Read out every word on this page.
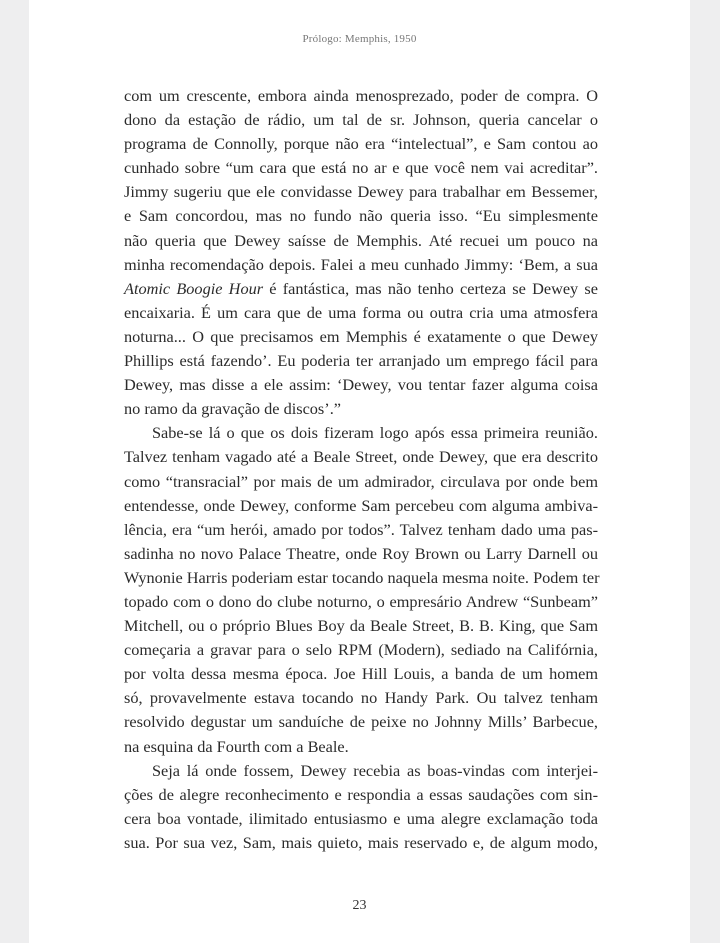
Prólogo: Memphis, 1950
com um crescente, embora ainda menosprezado, poder de compra. O
dono da estação de rádio, um tal de sr. Johnson, queria cancelar o
programa de Connolly, porque não era “intelectual”, e Sam contou ao
cunhado sobre “um cara que está no ar e que você nem vai acreditar”.
Jimmy sugeriu que ele convidasse Dewey para trabalhar em Bessemer,
e Sam concordou, mas no fundo não queria isso. “Eu simplesmente
não queria que Dewey saísse de Memphis. Até recuei um pouco na
minha recomendação depois. Falei a meu cunhado Jimmy: ‘Bem, a sua
Atomic Boogie Hour é fantástica, mas não tenho certeza se Dewey se
encaixaria. É um cara que de uma forma ou outra cria uma atmosfera
noturna... O que precisamos em Memphis é exatamente o que Dewey
Phillips está fazendo’. Eu poderia ter arranjado um emprego fácil para
Dewey, mas disse a ele assim: ‘Dewey, vou tentar fazer alguma coisa
no ramo da gravação de discos’.”
Sabe-se lá o que os dois fizeram logo após essa primeira reunião.
Talvez tenham vagado até a Beale Street, onde Dewey, que era descrito
como “transracial” por mais de um admirador, circulava por onde bem
entendesse, onde Dewey, conforme Sam percebeu com alguma ambiva-
lência, era “um herói, amado por todos”. Talvez tenham dado uma pas-
sadinha no novo Palace Theatre, onde Roy Brown ou Larry Darnell ou
Wynonie Harris poderiam estar tocando naquela mesma noite. Podem ter
topado com o dono do clube noturno, o empresário Andrew “Sunbeam”
Mitchell, ou o próprio Blues Boy da Beale Street, B. B. King, que Sam
começaria a gravar para o selo RPM (Modern), sediado na Califórnia,
por volta dessa mesma época. Joe Hill Louis, a banda de um homem
só, provavelmente estava tocando no Handy Park. Ou talvez tenham
resolvido degustar um sanduíche de peixe no Johnny Mills’ Barbecue,
na esquina da Fourth com a Beale.
Seja lá onde fossem, Dewey recebia as boas-vindas com interjei-
ções de alegre reconhecimento e respondia a essas saudações com sin-
cera boa vontade, ilimitado entusiasmo e uma alegre exclamação toda
sua. Por sua vez, Sam, mais quieto, mais reservado e, de algum modo,
23
